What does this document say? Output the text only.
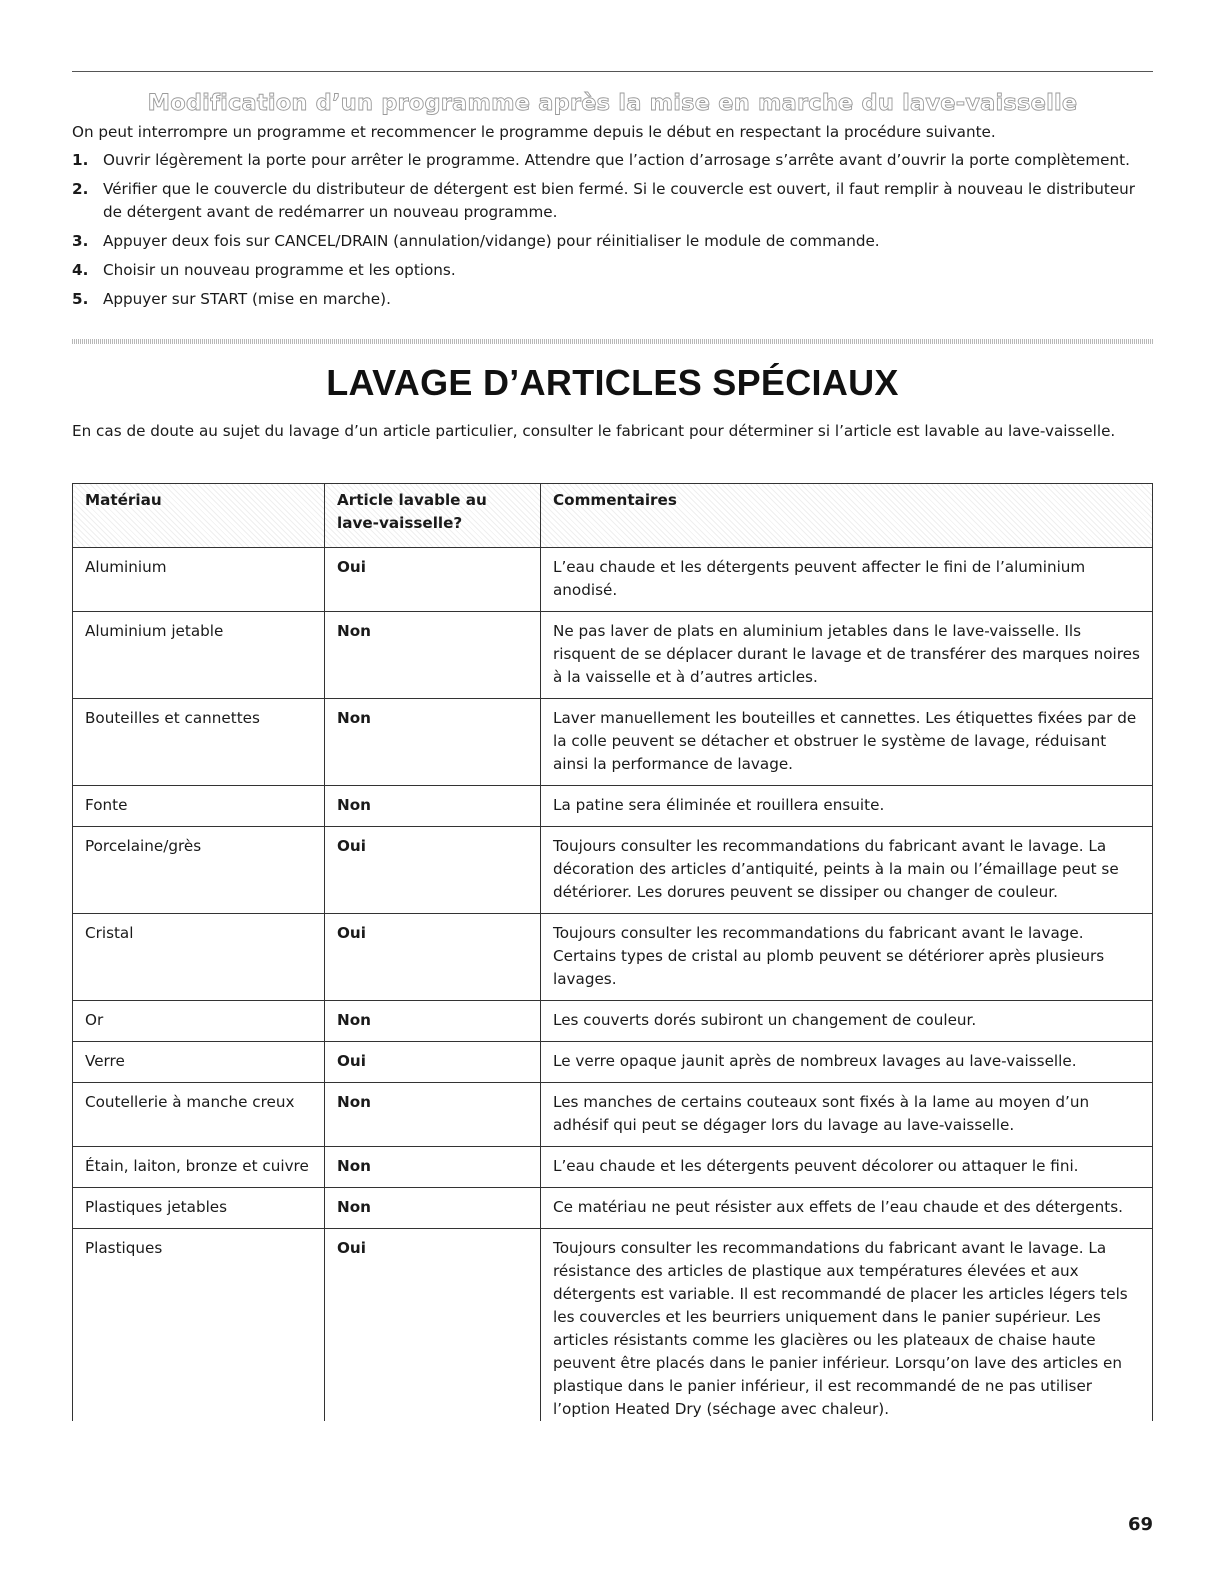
Modification d’un programme après la mise en marche du lave-vaisselle

On peut interrompre un programme et recommencer le programme depuis le début en respectant la procédure suivante.

1. Ouvrir légèrement la porte pour arrêter le programme. Attendre que l’action d’arrosage s’arrête avant d’ouvrir la porte complètement.
2. Vérifier que le couvercle du distributeur de détergent est bien fermé. Si le couvercle est ouvert, il faut remplir à nouveau le distributeur de détergent avant de redémarrer un nouveau programme.
3. Appuyer deux fois sur CANCEL/DRAIN (annulation/vidange) pour réinitialiser le module de commande.
4. Choisir un nouveau programme et les options.
5. Appuyer sur START (mise en marche).
LAVAGE D’ARTICLES SPÉCIAUX

En cas de doute au sujet du lavage d’un article particulier, consulter le fabricant pour déterminer si l’article est lavable au lave-vaisselle.

Matériau	Article lavable au lave-vaisselle?	Commentaires
Aluminium	Oui	L’eau chaude et les détergents peuvent affecter le fini de l’aluminium anodisé.
Aluminium jetable	Non	Ne pas laver de plats en aluminium jetables dans le lave-vaisselle. Ils risquent de se déplacer durant le lavage et de transférer des marques noires à la vaisselle et à d’autres articles.
Bouteilles et cannettes	Non	Laver manuellement les bouteilles et cannettes. Les étiquettes fixées par de la colle peuvent se détacher et obstruer le système de lavage, réduisant ainsi la performance de lavage.
Fonte	Non	La patine sera éliminée et rouillera ensuite.
Porcelaine/grès	Oui	Toujours consulter les recommandations du fabricant avant le lavage. La décoration des articles d’antiquité, peints à la main ou l’émaillage peut se détériorer. Les dorures peuvent se dissiper ou changer de couleur.
Cristal	Oui	Toujours consulter les recommandations du fabricant avant le lavage. Certains types de cristal au plomb peuvent se détériorer après plusieurs lavages.
Or	Non	Les couverts dorés subiront un changement de couleur.
Verre	Oui	Le verre opaque jaunit après de nombreux lavages au lave-vaisselle.
Coutellerie à manche creux	Non	Les manches de certains couteaux sont fixés à la lame au moyen d’un adhésif qui peut se dégager lors du lavage au lave-vaisselle.
Étain, laiton, bronze et cuivre	Non	L’eau chaude et les détergents peuvent décolorer ou attaquer le fini.
Plastiques jetables	Non	Ce matériau ne peut résister aux effets de l’eau chaude et des détergents.
Plastiques	Oui	Toujours consulter les recommandations du fabricant avant le lavage. La résistance des articles de plastique aux températures élevées et aux détergents est variable. Il est recommandé de placer les articles légers tels les couvercles et les beurriers uniquement dans le panier supérieur. Les articles résistants comme les glacières ou les plateaux de chaise haute peuvent être placés dans le panier inférieur. Lorsqu’on lave des articles en plastique dans le panier inférieur, il est recommandé de ne pas utiliser l’option Heated Dry (séchage avec chaleur).
69
